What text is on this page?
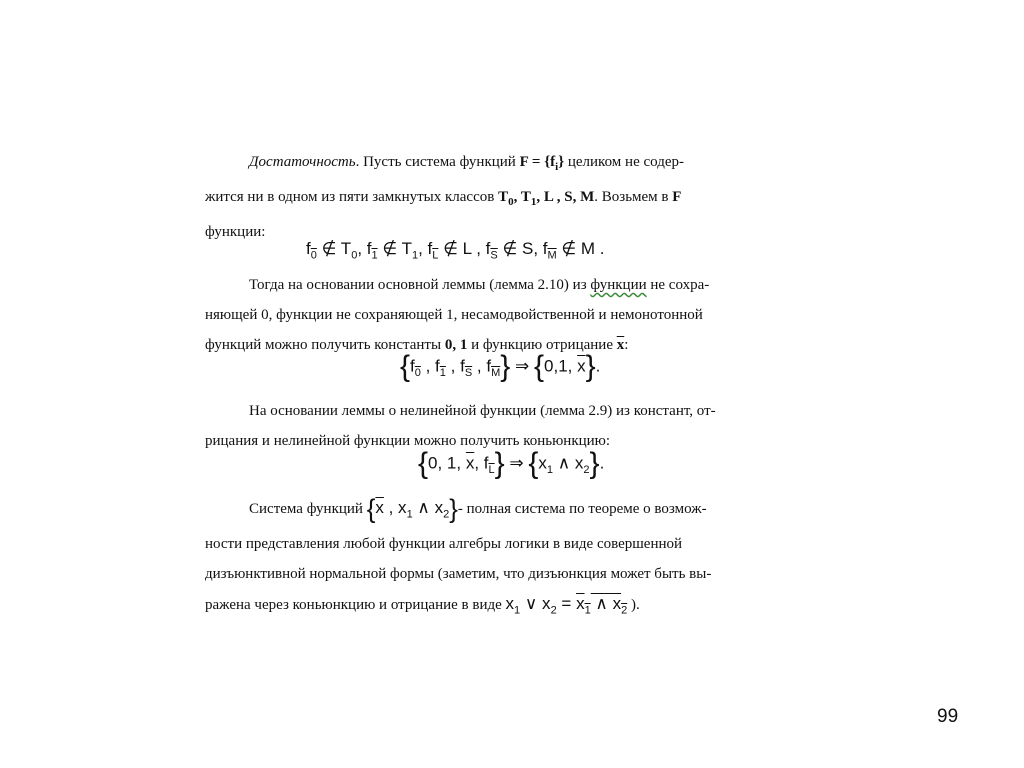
Достаточность. Пусть система функций $F = \{f_i\}$ целиком не содер-
жится ни в одном из пяти замкнутых классов $T_0$, $T_1$, L , S, M. Возьмем в F
функции:
$f_0$ ∉ $T_0$, $f_1$ ∉ $T_1$, $f_{\overline{L}}$ ∉ L , $f_{\overline{S}}$ ∉ S, $f_{\overline{M}}$ ∉ M .
Тогда на основании основной леммы (лемма 2.10) из функции не сохра-
няющей 0, функции не сохраняющей 1, несамодвойственной и немонотонной
функций можно получить константы 0, 1 и функцию отрицание $\overline{x}$:
{$f_0$ , $f_1$ , $f_{\overline{S}}$ , $f_{\overline{M}}$} ⇒ {0,1, $\overline{x}$}.
На основании леммы о нелинейной функции (лемма 2.9) из констант, от-
рицания и нелинейной функции можно получить коньюнкцию:
{0, 1, $\overline{x}$, $f_{\overline{L}}$} ⇒ {$x_1$ ∧ $x_2$}.
Система функций {$\overline{x}$ , $x_1$ ∧ $x_2\}-$ полная система по теореме о возмож-
ности представления любой функции алгебры логики в виде совершенной
дизъюнктивной нормальной формы (заметим, что дизъюнкция может быть вы-
ражена через коньюнкцию и отрицание в виде $x_1$ ∨ $x_2 = x_1$ ∧ $x_2$ ).
99
